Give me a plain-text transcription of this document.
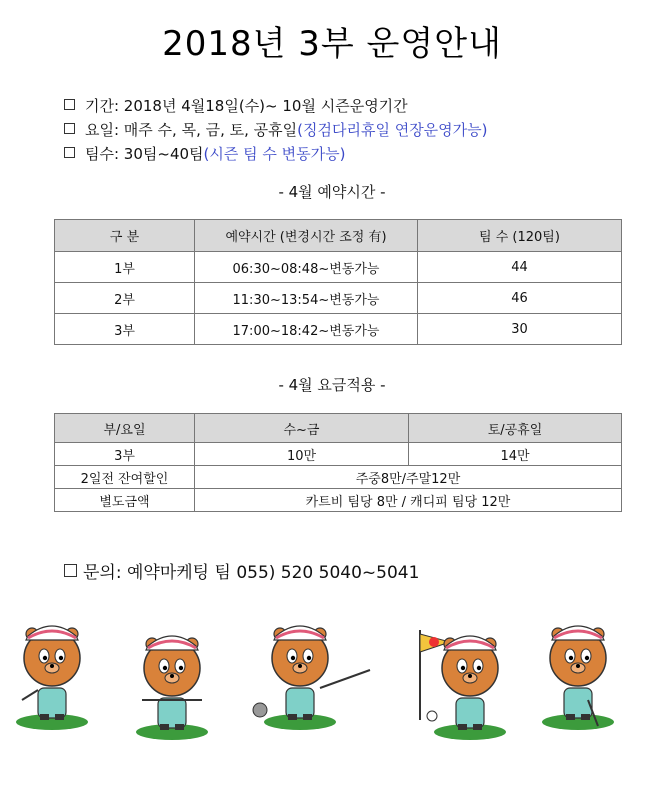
2018년 3부 운영안내
기간: 2018년 4월18일(수)~ 10월 시즌운영기간
요일: 매주 수, 목, 금, 토, 공휴일(징검다리휴일 연장운영가능)
팀수: 30팀~40팀(시즌 팀 수 변동가능)
- 4월 예약시간 -
구 분	예약시간 (변경시간 조정 有)	팀 수 (120팀)
1부	06:30~08:48~변동가능	44
2부	11:30~13:54~변동가능	46
3부	17:00~18:42~변동가능	30
- 4월 요금적용 -
부/요일	수~금	토/공휴일
3부	10만	14만
2일전 잔여할인	주중8만/주말12만	
별도금액	카트비 팀당 8만 / 캐디피 팀당 12만	
문의: 예약마케팅 팀 055) 520 5040~5041
